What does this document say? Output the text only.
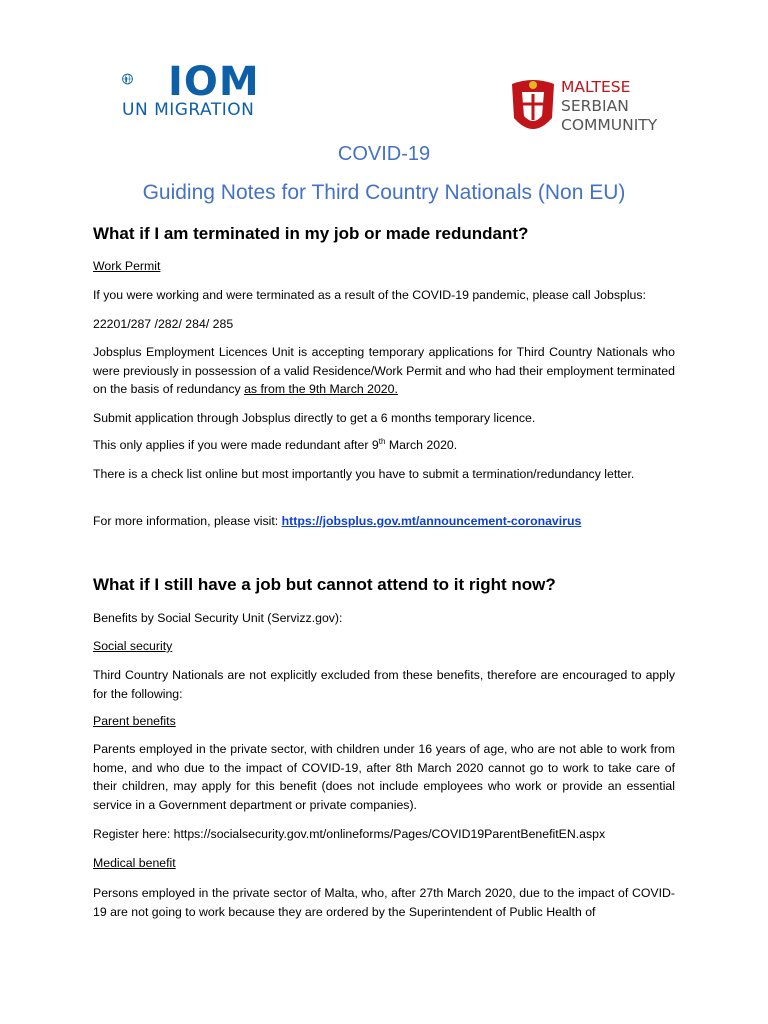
IOM
UN MIGRATION
MALTESE
SERBIAN
COMMUNITY
COVID-19
Guiding Notes for Third Country Nationals (Non EU)
What if I am terminated in my job or made redundant?
Work Permit
If you were working and were terminated as a result of the COVID-19 pandemic, please call Jobsplus:
22201/287 /282/ 284/ 285
Jobsplus Employment Licences Unit is accepting temporary applications for Third Country Nationals who were previously in possession of a valid Residence/Work Permit and who had their employment terminated on the basis of redundancy as from the 9th March 2020.
Submit application through Jobsplus directly to get a 6 months temporary licence.
This only applies if you were made redundant after 9th March 2020.
There is a check list online but most importantly you have to submit a termination/redundancy letter.
For more information, please visit: https://jobsplus.gov.mt/announcement-coronavirus
What if I still have a job but cannot attend to it right now?
Benefits by Social Security Unit (Servizz.gov):
Social security
Third Country Nationals are not explicitly excluded from these benefits, therefore are encouraged to apply for the following:
Parent benefits
Parents employed in the private sector, with children under 16 years of age, who are not able to work from home, and who due to the impact of COVID-19, after 8th March 2020 cannot go to work to take care of their children, may apply for this benefit (does not include employees who work or provide an essential service in a Government department or private companies).
Register here: https://socialsecurity.gov.mt/onlineforms/Pages/COVID19ParentBenefitEN.aspx
Medical benefit
Persons employed in the private sector of Malta, who, after 27th March 2020, due to the impact of COVID-19 are not going to work because they are ordered by the Superintendent of Public Health of
